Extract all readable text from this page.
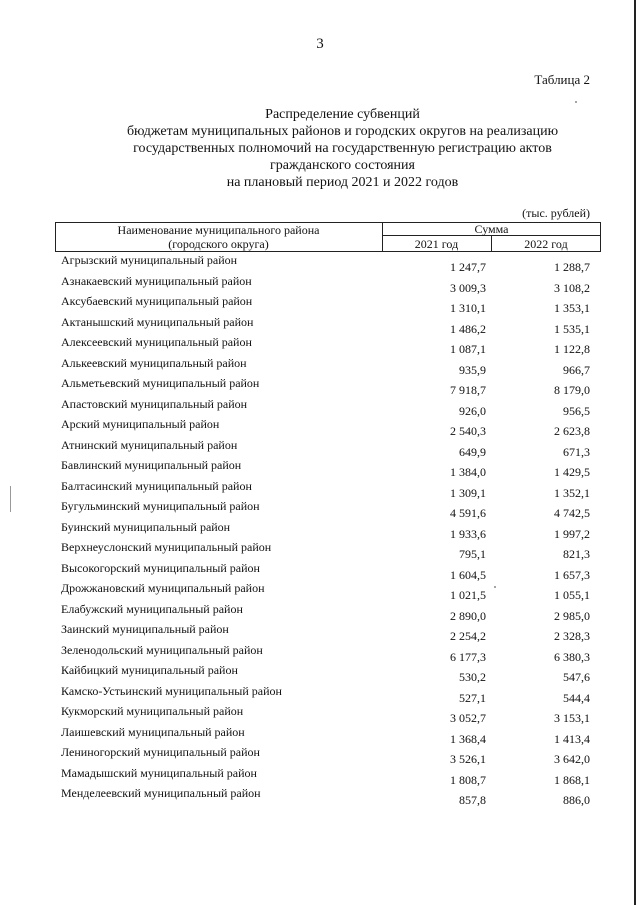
3
Таблица 2
Распределение субвенций
бюджетам муниципальных районов и городских округов на реализацию
государственных полномочий на государственную регистрацию актов
гражданского состояния
на плановый период 2021 и 2022 годов
(тыс. рублей)
Наименование муниципального района
(городского округа)
Сумма
2021 год	2022 год
Агрызский муниципальный район	1 247,7	1 288,7
Азнакаевский муниципальный район	3 009,3	3 108,2
Аксубаевский муниципальный район	1 310,1	1 353,1
Актанышский муниципальный район	1 486,2	1 535,1
Алексеевский муниципальный район	1 087,1	1 122,8
Алькеевский муниципальный район	935,9	966,7
Альметьевский муниципальный район	7 918,7	8 179,0
Апастовский муниципальный район	926,0	956,5
Арский муниципальный район	2 540,3	2 623,8
Атнинский муниципальный район	649,9	671,3
Бавлинский муниципальный район	1 384,0	1 429,5
Балтасинский муниципальный район	1 309,1	1 352,1
Бугульминский муниципальный район	4 591,6	4 742,5
Буинский муниципальный район	1 933,6	1 997,2
Верхнеуслонский муниципальный район	795,1	821,3
Высокогорский муниципальный район	1 604,5	1 657,3
Дрожжановский муниципальный район	1 021,5	1 055,1
Елабужский муниципальный район	2 890,0	2 985,0
Заинский муниципальный район	2 254,2	2 328,3
Зеленодольский муниципальный район	6 177,3	6 380,3
Кайбицкий муниципальный район	530,2	547,6
Камско-Устьинский муниципальный район	527,1	544,4
Кукморский муниципальный район	3 052,7	3 153,1
Лаишевский муниципальный район	1 368,4	1 413,4
Лениногорский муниципальный район	3 526,1	3 642,0
Мамадышский муниципальный район	1 808,7	1 868,1
Менделеевский муниципальный район	857,8	886,0
